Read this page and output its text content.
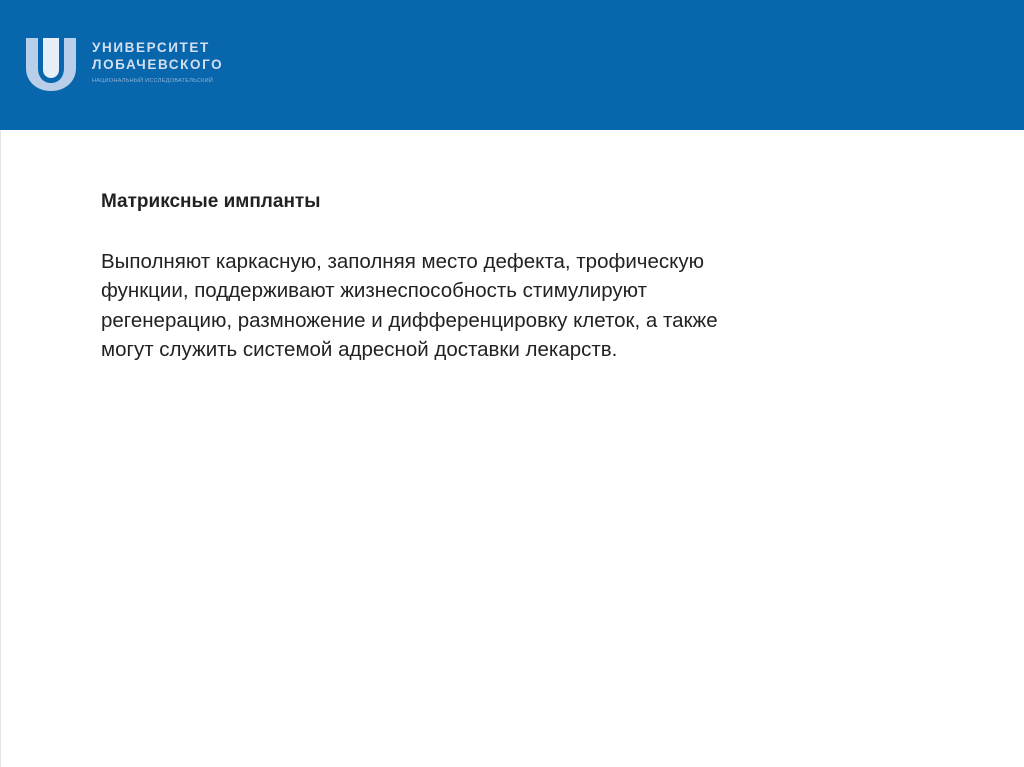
УНИВЕРСИТЕТ
ЛОБАЧЕВСКОГО
НАЦИОНАЛЬНЫЙ ИССЛЕДОВАТЕЛЬСКИЙ

Матриксные импланты

Выполняют каркасную, заполняя место дефекта, трофическую
функции, поддерживают жизнеспособность стимулируют
регенерацию, размножение и дифференцировку клеток, а также
могут служить системой адресной доставки лекарств.
